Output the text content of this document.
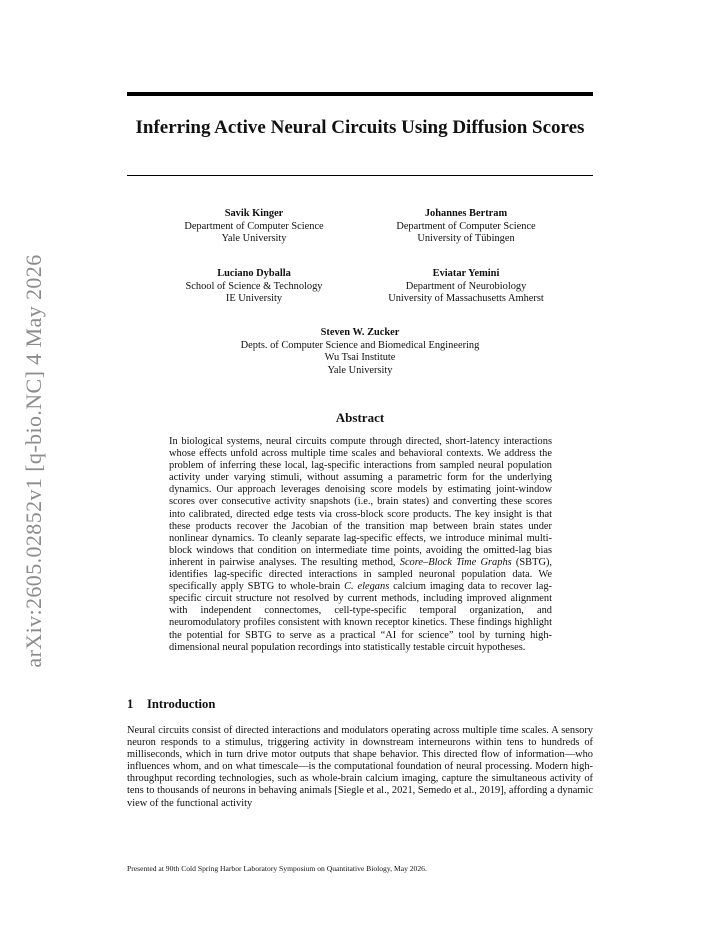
arXiv:2605.02852v1 [q-bio.NC] 4 May 2026
Inferring Active Neural Circuits Using Diffusion Scores
Savik Kinger
Department of Computer Science
Yale University
Johannes Bertram
Department of Computer Science
University of Tübingen
Luciano Dyballa
School of Science & Technology
IE University
Eviatar Yemini
Department of Neurobiology
University of Massachusetts Amherst
Steven W. Zucker
Depts. of Computer Science and Biomedical Engineering
Wu Tsai Institute
Yale University
Abstract
In biological systems, neural circuits compute through directed, short-latency interactions whose effects unfold across multiple time scales and behavioral contexts. We address the problem of inferring these local, lag-specific interactions from sampled neural population activity under varying stimuli, without assuming a parametric form for the underlying dynamics. Our approach leverages denoising score models by estimating joint-window scores over consecutive activity snapshots (i.e., brain states) and converting these scores into calibrated, directed edge tests via cross-block score products. The key insight is that these products recover the Jacobian of the transition map between brain states under nonlinear dynamics. To cleanly separate lag-specific effects, we introduce minimal multi-block windows that condition on intermediate time points, avoiding the omitted-lag bias inherent in pairwise analyses. The resulting method, Score–Block Time Graphs (SBTG), identifies lag-specific directed interactions in sampled neuronal population data. We specifically apply SBTG to whole-brain C. elegans calcium imaging data to recover lag-specific circuit structure not resolved by current methods, including improved alignment with independent connectomes, cell-type-specific temporal organization, and neuromodulatory profiles consistent with known receptor kinetics. These findings highlight the potential for SBTG to serve as a practical “AI for science” tool by turning high-dimensional neural population recordings into statistically testable circuit hypotheses.
1 Introduction
Neural circuits consist of directed interactions and modulators operating across multiple time scales. A sensory neuron responds to a stimulus, triggering activity in downstream interneurons within tens to hundreds of milliseconds, which in turn drive motor outputs that shape behavior. This directed flow of information—who influences whom, and on what timescale—is the computational foundation of neural processing. Modern high-throughput recording technologies, such as whole-brain calcium imaging, capture the simultaneous activity of tens to thousands of neurons in behaving animals [Siegle et al., 2021, Semedo et al., 2019], affording a dynamic view of the functional activity
Presented at 90th Cold Spring Harbor Laboratory Symposium on Quantitative Biology, May 2026.
